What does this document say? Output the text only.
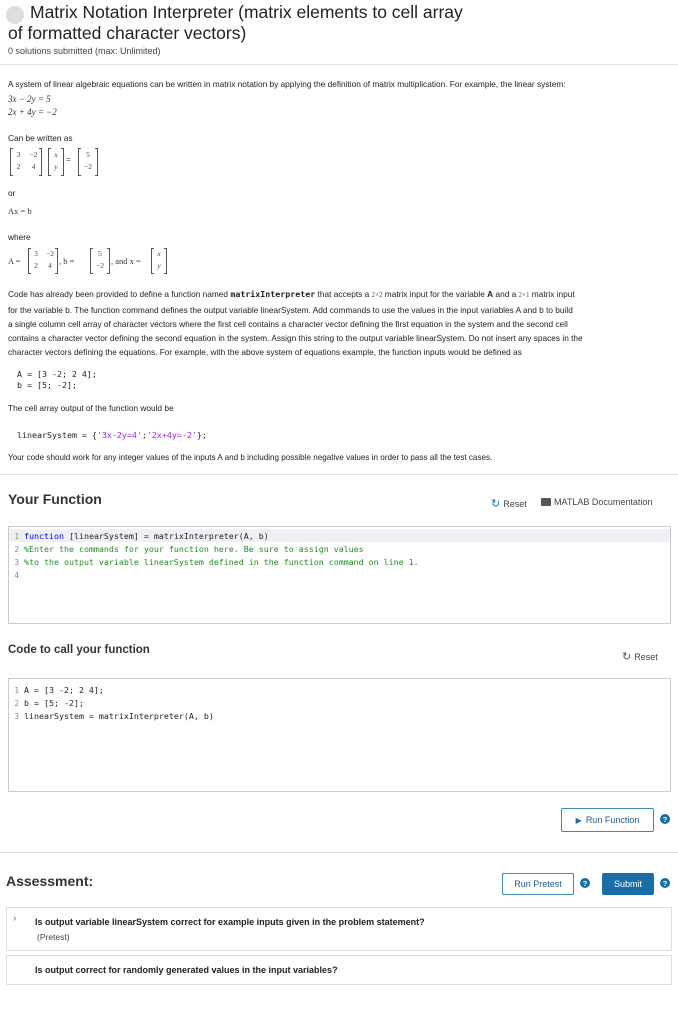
Matrix Notation Interpreter (matrix elements to cell array of formatted character vectors)
0 solutions submitted (max: Unlimited)
A system of linear algebraic equations can be written in matrix notation by applying the definition of matrix multiplication. For example, the linear system:
3x − 2y = 5
2x + 4y = −2
Can be written as
3	−2
2	4
x
y
=
5
−2
or
Ax = b
where
A =
3	−2
2	4 , b =
5
−2 , and x =
x
y
Code has already been provided to define a function named matrixInterpreter that accepts a 2×2 matrix input for the variable A and a 2×1 matrix input
for the variable b. The function command defines the output variable linearSystem. Add commands to use the values in the input variables A and b to build
a single column cell array of character vectors where the first cell contains a character vector defining the first equation in the system and the second cell
contains a character vector defining the second equation in the system. Assign this string to the output variable linearSystem. Do not insert any spaces in the
character vectors defining the equations. For example, with the above system of equations example, the function inputs would be defined as
A = [3 -2; 2 4];
b = [5; -2];
The cell array output of the function would be
linearSystem = {'3x-2y=4';'2x+4y=-2'};
Your code should work for any integer values of the inputs A and b including possible negative values in order to pass all the test cases.
Your Function	↻ Reset	MATLAB Documentation
1 function [linearSystem] = matrixInterpreter(A, b)
2 %Enter the commands for your function here. Be sure to assign values
3 %to the output variable linearSystem defined in the function command on line 1.
4
Code to call your function
↻ Reset
1 A = [3 -2; 2 4];
2 b = [5; -2];
3 linearSystem = matrixInterpreter(A, b)
▶ Run Function	?
Assessment:	Run Pretest	?	Submit	?
› Is output variable linearSystem correct for example inputs given in the problem statement?
(Pretest)
Is output correct for randomly generated values in the input variables?
